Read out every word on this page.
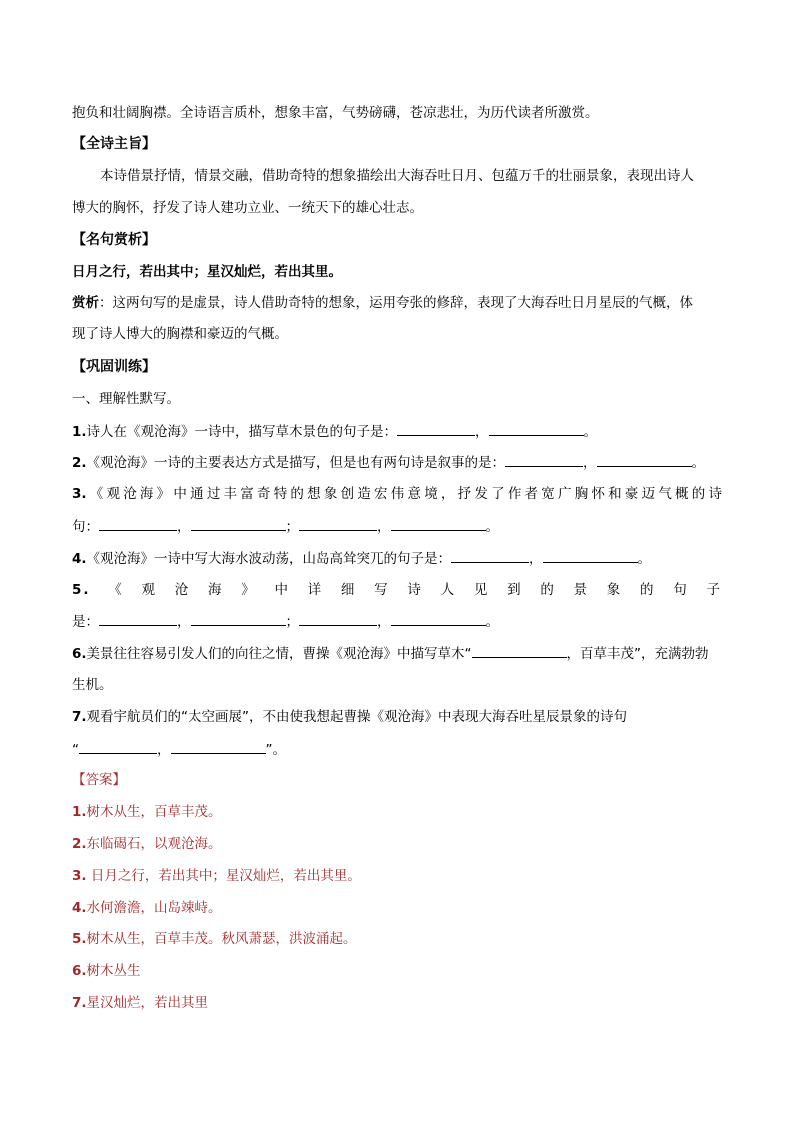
抱负和壮阔胸襟。全诗语言质朴，想象丰富，气势磅礴，苍凉悲壮，为历代读者所激赏。
【全诗主旨】
本诗借景抒情，情景交融，借助奇特的想象描绘出大海吞吐日月、包蕴万千的壮丽景象，表现出诗人
博大的胸怀，抒发了诗人建功立业、一统天下的雄心壮志。
【名句赏析】
日月之行，若出其中；星汉灿烂，若出其里。
赏析：这两句写的是虚景，诗人借助奇特的想象，运用夸张的修辞，表现了大海吞吐日月星辰的气概，体
现了诗人博大的胸襟和豪迈的气概。
【巩固训练】
一、理解性默写。
1.诗人在《观沧海》一诗中，描写草木景色的句子是：	，	。
2.《观沧海》一诗的主要表达方式是描写，但是也有两句诗是叙事的是：	，	。
3.《观沧海》中通过丰富奇特的想象创造宏伟意境，抒发了作者宽广胸怀和豪迈气概的诗
句：	，	；	，	。
4.《观沧海》一诗中写大海水波动荡，山岛高耸突兀的句子是：	，	。
5.《观沧海》中详细写诗人见到的景象的句子
是：	，	；	，	。
6.美景往往容易引发人们的向往之情，曹操《观沧海》中描写草木“	，百草丰茂”，充满勃勃
生机。
7.观看宇航员们的“太空画展”，不由使我想起曹操《观沧海》中表现大海吞吐星辰景象的诗句
“	，	”。
【答案】
1.树木从生，百草丰茂。
2.东临碣石，以观沧海。
3. 日月之行，若出其中；星汉灿烂，若出其里。
4.水何澹澹，山岛竦峙。
5.树木从生，百草丰茂。秋风萧瑟，洪波涌起。
6.树木丛生
7.星汉灿烂，若出其里
